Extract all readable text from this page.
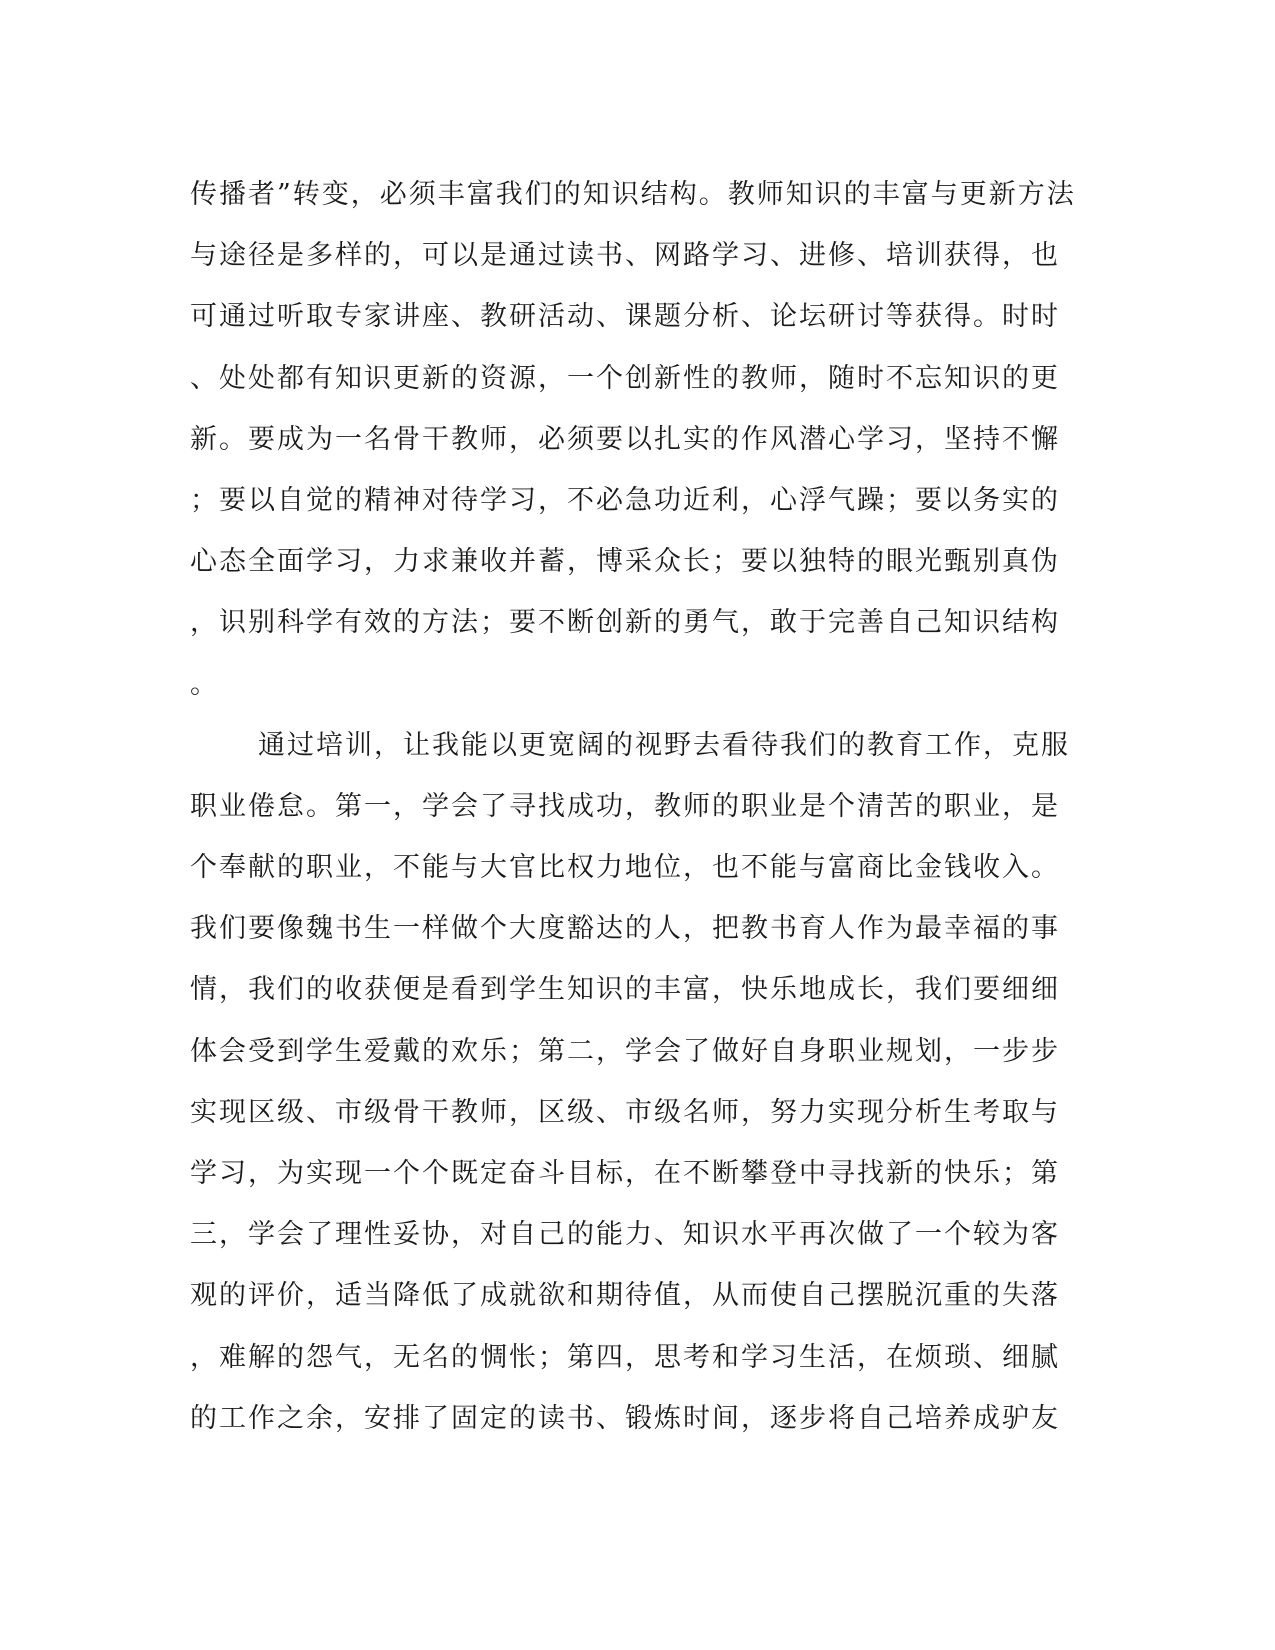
传播者”转变，必须丰富我们的知识结构。教师知识的丰富与更新方法
与途径是多样的，可以是通过读书、网路学习、进修、培训获得，也
可通过听取专家讲座、教研活动、课题分析、论坛研讨等获得。时时
、处处都有知识更新的资源，一个创新性的教师，随时不忘知识的更
新。要成为一名骨干教师，必须要以扎实的作风潜心学习，坚持不懈
；要以自觉的精神对待学习，不必急功近利，心浮气躁；要以务实的
心态全面学习，力求兼收并蓄，博采众长；要以独特的眼光甄别真伪
，识别科学有效的方法；要不断创新的勇气，敢于完善自己知识结构
。
通过培训，让我能以更宽阔的视野去看待我们的教育工作，克服
职业倦怠。第一，学会了寻找成功，教师的职业是个清苦的职业，是
个奉献的职业，不能与大官比权力地位，也不能与富商比金钱收入。
我们要像魏书生一样做个大度豁达的人，把教书育人作为最幸福的事
情，我们的收获便是看到学生知识的丰富，快乐地成长，我们要细细
体会受到学生爱戴的欢乐；第二，学会了做好自身职业规划，一步步
实现区级、市级骨干教师，区级、市级名师，努力实现分析生考取与
学习，为实现一个个既定奋斗目标，在不断攀登中寻找新的快乐；第
三，学会了理性妥协，对自己的能力、知识水平再次做了一个较为客
观的评价，适当降低了成就欲和期待值，从而使自己摆脱沉重的失落
，难解的怨气，无名的惆怅；第四，思考和学习生活，在烦琐、细腻
的工作之余，安排了固定的读书、锻炼时间，逐步将自己培养成驴友
